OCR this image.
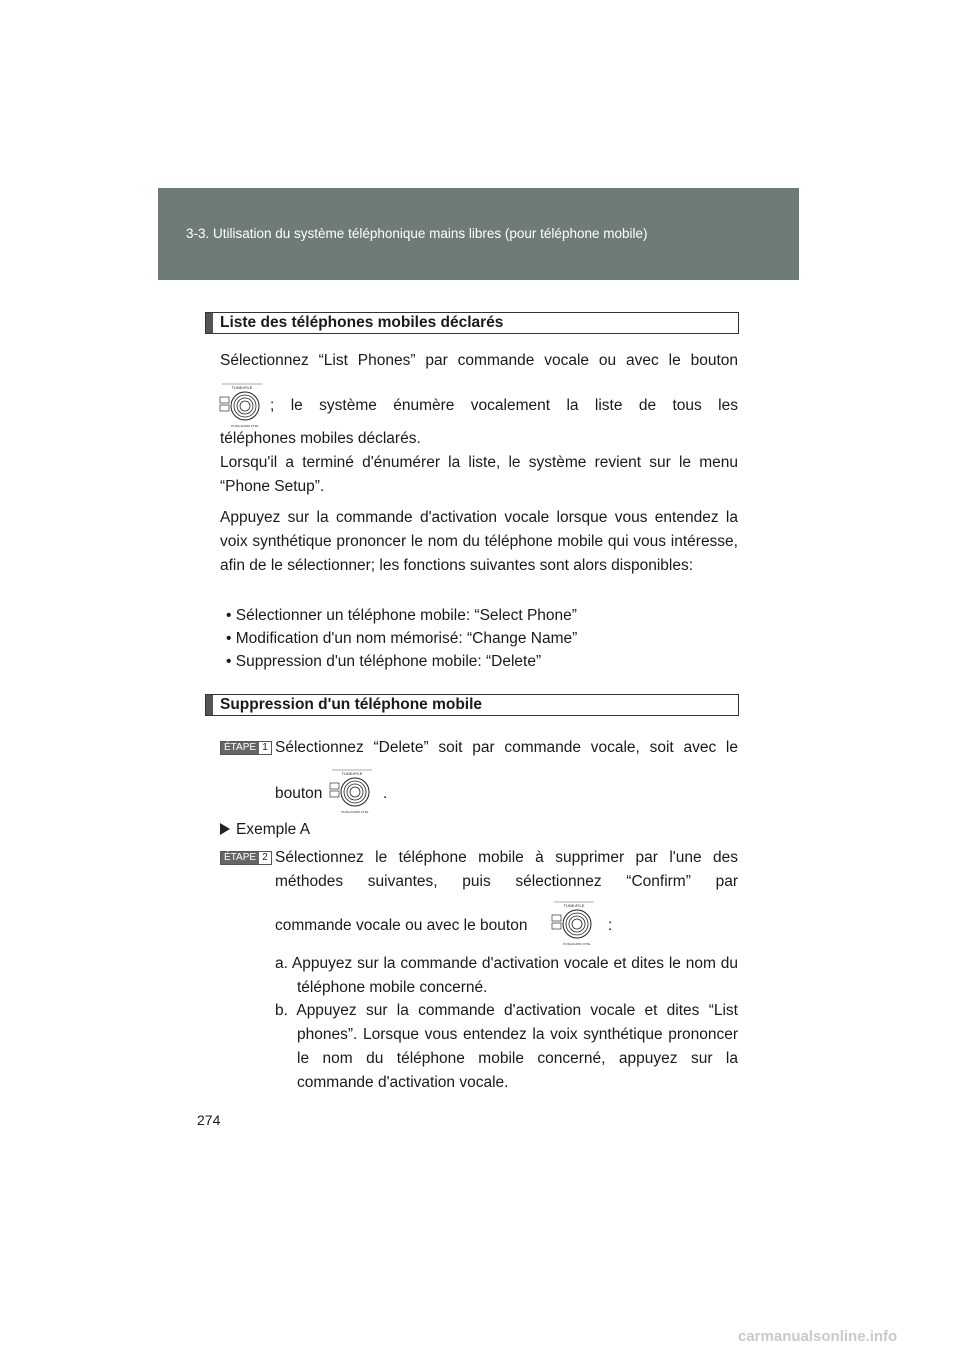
3-3. Utilisation du système téléphonique mains libres (pour téléphone mobile)
Liste des téléphones mobiles déclarés

Sélectionnez “List Phones” par commande vocale ou avec le bouton

TUNE•FILE
PUSH AUDIO CTRL

; le système énumère vocalement la liste de tous les

téléphones mobiles déclarés.

Lorsqu'il a terminé d'énumérer la liste, le système revient sur le menu “Phone Setup”.

Appuyez sur la commande d'activation vocale lorsque vous entendez la voix synthétique prononcer le nom du téléphone mobile qui vous intéresse, afin de le sélectionner; les fonctions suivantes sont alors disponibles:

• Sélectionner un téléphone mobile: “Select Phone”
• Modification d'un nom mémorisé: “Change Name”
• Suppression d'un téléphone mobile: “Delete”
Suppression d'un téléphone mobile
ÉTAPE 1 Sélectionnez “Delete” soit par commande vocale, soit avec le

bouton

TUNE•FILE
PUSH AUDIO CTRL

.

Exemple A

ÉTAPE 2 Sélectionnez le téléphone mobile à supprimer par l'une des méthodes suivantes, puis sélectionnez “Confirm” par

commande vocale ou avec le bouton

TUNE•FILE
PUSH AUDIO CTRL

:

a. Appuyez sur la commande d'activation vocale et dites le nom du téléphone mobile concerné.

b. Appuyez sur la commande d'activation vocale et dites “List phones”. Lorsque vous entendez la voix synthétique prononcer le nom du téléphone mobile concerné, appuyez sur la commande d'activation vocale.

274
carmanualsonline.info
